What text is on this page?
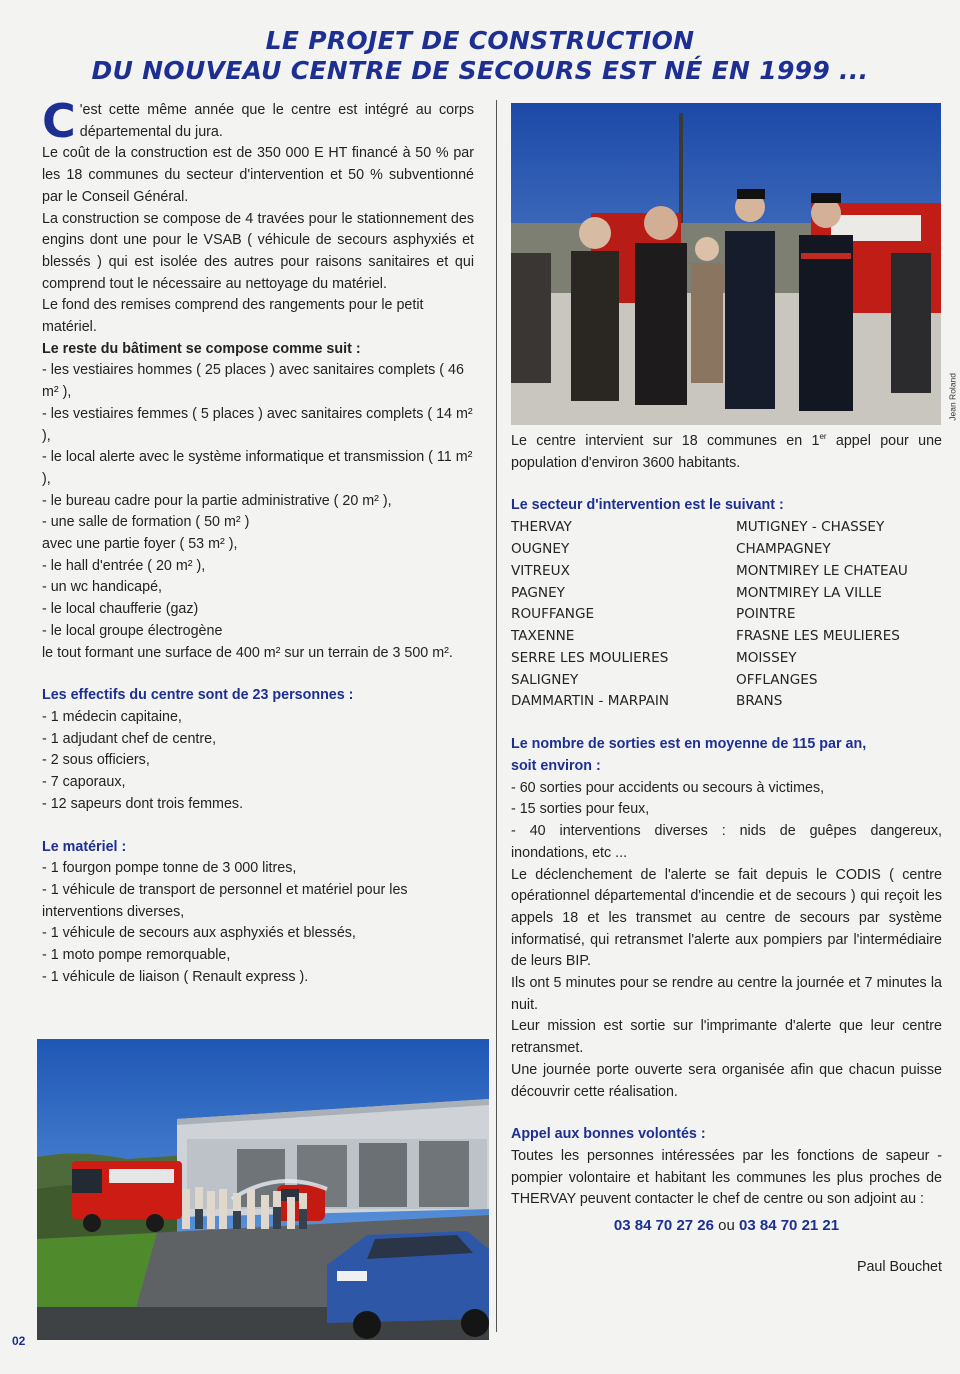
LE PROJET DE CONSTRUCTION
DU NOUVEAU CENTRE DE SECOURS EST NÉ EN 1999 ...

C 'est cette même année que le centre est intégré au corps départemental du jura.

Le coût de la construction est de 350 000 E HT financé à 50 % par les 18 communes du secteur d'intervention et 50 % subventionné par le Conseil Général.

La construction se compose de 4 travées pour le stationnement des engins dont une pour le VSAB ( véhicule de secours asphyxiés et blessés ) qui est isolée des autres pour raisons sanitaires et qui comprend tout le nécessaire au nettoyage du matériel.

Le fond des remises comprend des rangements pour le petit matériel.

Le reste du bâtiment se compose comme suit :

- les vestiaires hommes ( 25 places ) avec sanitaires complets ( 46 m² ),

- les vestiaires femmes ( 5 places ) avec sanitaires complets ( 14 m² ),

- le local alerte avec le système informatique et transmission ( 11 m² ),

- le bureau cadre pour la partie administrative ( 20 m² ),

- une salle de formation ( 50 m² )

avec une partie foyer ( 53 m² ),

- le hall d'entrée ( 20 m² ),

- un wc handicapé,

- le local chaufferie (gaz)

- le local groupe électrogène

le tout formant une surface de 400 m² sur un terrain de 3 500 m².

Les effectifs du centre sont de 23 personnes :

- 1 médecin capitaine,

- 1 adjudant chef de centre,

- 2 sous officiers,

- 7 caporaux,

- 12 sapeurs dont trois femmes.

Le matériel :

- 1 fourgon pompe tonne de 3 000 litres,

- 1 véhicule de transport de personnel et matériel pour les interventions diverses,

- 1 véhicule de secours aux asphyxiés et blessés,

- 1 moto pompe remorquable,

- 1 véhicule de liaison ( Renault express ).

Jean Roland

Le centre intervient sur 18 communes en 1er appel pour une population d'environ 3600 habitants.

Le secteur d'intervention est le suivant :

THERVAY
OUGNEY
VITREUX
PAGNEY
ROUFFANGE
TAXENNE
SERRE LES MOULIERES
SALIGNEY
DAMMARTIN - MARPAIN
MUTIGNEY - CHASSEY
CHAMPAGNEY
MONTMIREY LE CHATEAU
MONTMIREY LA VILLE
POINTRE
FRASNE LES MEULIERES
MOISSEY
OFFLANGES
BRANS

Le nombre de sorties est en moyenne de 115 par an,

soit environ :

- 60 sorties pour accidents ou secours à victimes,

- 15 sorties pour feux,

- 40 interventions diverses : nids de guêpes dangereux, inondations, etc ...

Le déclenchement de l'alerte se fait depuis le CODIS ( centre opérationnel départemental d'incendie et de secours ) qui reçoit les appels 18 et les transmet au centre de secours par système informatisé, qui retransmet l'alerte aux pompiers par l'intermédiaire de leurs BIP.

Ils ont 5 minutes pour se rendre au centre la journée et 7 minutes la nuit.

Leur mission est sortie sur l'imprimante d'alerte que leur centre retransmet.

Une journée porte ouverte sera organisée afin que chacun puisse découvrir cette réalisation.

Appel aux bonnes volontés :

Toutes les personnes intéressées par les fonctions de sapeur - pompier volontaire et habitant les communes les plus proches de THERVAY peuvent contacter le chef de centre ou son adjoint au :

03 84 70 27 26 ou 03 84 70 21 21

Paul Bouchet

02
